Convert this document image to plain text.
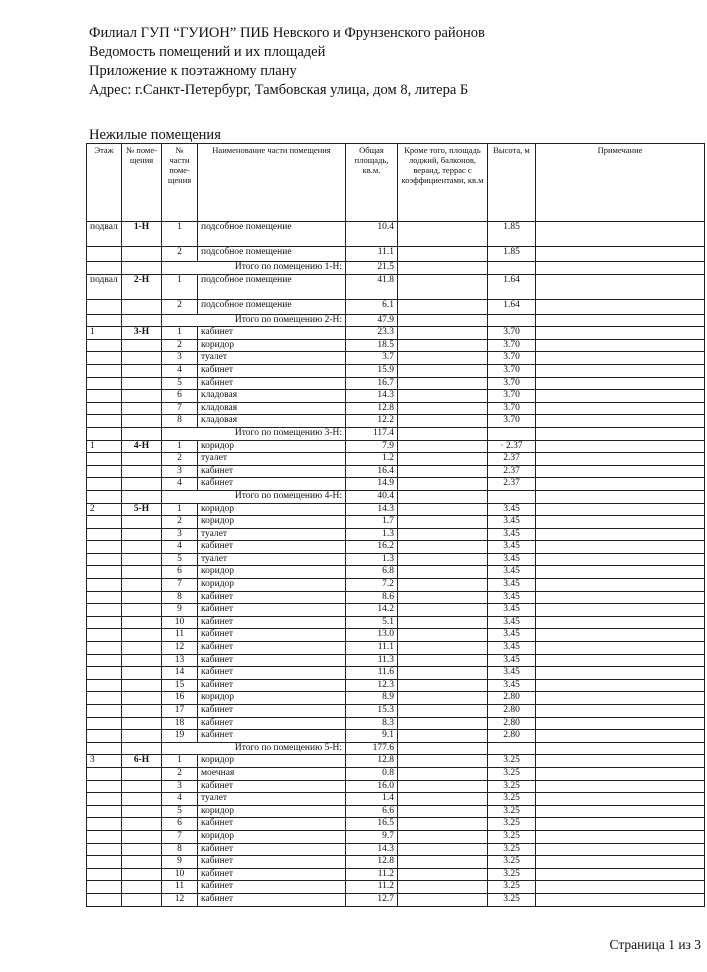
Филиал ГУП “ГУИОН” ПИБ Невского и Фрунзенского районов
Ведомость помещений и их площадей
Приложение к поэтажному плану
Адрес: г.Санкт-Петербург, Тамбовская улица, дом 8, литера Б
Нежилые помещения
Этаж	№ поме- щения	№ части поме- щения	Наименование части помещения	Общая площадь, кв.м.	Кроме того, площадь лоджий, балконов, веранд, террас с коэффициентами, кв.м	Высота, м	Примечание
подвал	1-Н	1	подсобное помещение	10.4		1.85	
		2	подсобное помещение	11.1		1.85	
		Итого по помещению 1-Н:		21.5			
подвал	2-Н	1	подсобное помещение	41.8		1.64	
		2	подсобное помещение	6.1		1.64	
		Итого по помещению 2-Н:		47.9			
1	3-Н	1	кабинет	23.3		3.70	
		2	коридор	18.5		3.70	
		3	туалет	3.7		3.70	
		4	кабинет	15.9		3.70	
		5	кабинет	16.7		3.70	
		6	кладовая	14.3		3.70	
		7	кладовая	12.8		3.70	
		8	кладовая	12.2		3.70	
		Итого по помещению 3-Н:		117.4			
1	4-Н	1	коридор	7.9		· 2.37	
		2	туалет	1.2		2.37	
		3	кабинет	16.4		2.37	
		4	кабинет	14.9		2.37	
		Итого по помещению 4-Н:		40.4			
2	5-Н	1	коридор	14.3		3.45	
		2	коридор	1.7		3.45	
		3	туалет	1.3		3.45	
		4	кабинет	16.2		3.45	
		5	туалет	1.3		3.45	
		6	коридор	6.8		3.45	
		7	коридор	7.2		3.45	
		8	кабинет	8.6		3.45	
		9	кабинет	14.2		3.45	
		10	кабинет	5.1		3.45	
		11	кабинет	13.0		3.45	
		12	кабинет	11.1		3.45	
		13	кабинет	11.3		3.45	
		14	кабинет	11.6		3.45	
		15	кабинет	12.3		3.45	
		16	коридор	8.9		2.80	
		17	кабинет	15.3		2.80	
		18	кабинет	8.3		2.80	
		19	кабинет	9.1		2.80	
		Итого по помещению 5-Н:		177.6			
3	6-Н	1	коридор	12.8		3.25	
		2	моечная	0.8		3.25	
		3	кабинет	16.0		3.25	
		4	туалет	1.4		3.25	
		5	коридор	6.6		3.25	
		6	кабинет	16.5		3.25	
		7	коридор	9.7		3.25	
		8	кабинет	14.3		3.25	
		9	кабинет	12.8		3.25	
		10	кабинет	11.2		3.25	
		11	кабинет	11.2		3.25	
		12	кабинет	12.7		3.25	
Страница 1 из 3
